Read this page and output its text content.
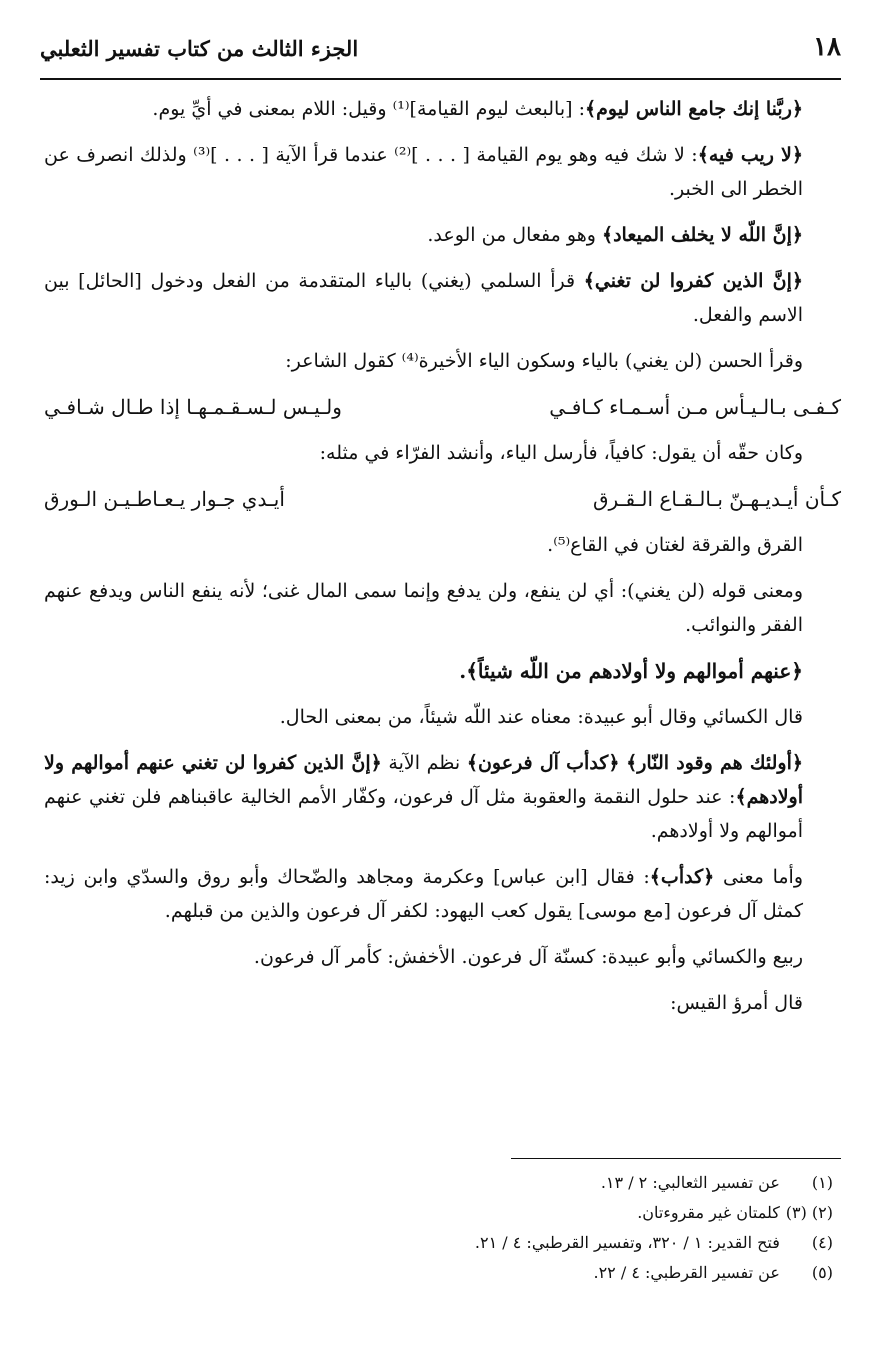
١٨
الجزء الثالث من كتاب تفسير الثعلبي

﴿ربَّنا إنك جامع الناس ليوم﴾: [بالبعث ليوم القيامة]⁽¹⁾ وقيل: اللام بمعنى في أيِّ يوم.

﴿لا ريب فيه﴾: لا شك فيه وهو يوم القيامة [ . . . ]⁽²⁾ عندما قرأ الآية [ . . . ]⁽³⁾ ولذلك انصرف عن الخطر الى الخبر.

﴿إنَّ اللّه لا يخلف الميعاد﴾ وهو مفعال من الوعد.

﴿إنَّ الذين كفروا لن تغني﴾ قرأ السلمي (يغني) بالياء المتقدمة من الفعل ودخول [الحائل] بين الاسم والفعل.

وقرأ الحسن (لن يغني) بالياء وسكون الياء الأخيرة⁽⁴⁾ كقول الشاعر:

كـفـى بـالـيـأس مـن أسـمـاء كـافـي
ولـيـس لـسـقـمـهـا إذا طـال شـافـي

وكان حقّه أن يقول: كافياً، فأرسل الياء، وأنشد الفرّاء في مثله:

كـأن أيـديـهـنّ بـالـقـاع الـقـرق
أيـدي جـوار يـعـاطـيـن الـورق

القرق والقرقة لغتان في القاع⁽⁵⁾.

ومعنى قوله (لن يغني): أي لن ينفع، ولن يدفع وإنما سمى المال غنى؛ لأنه ينفع الناس ويدفع عنهم الفقر والنوائب.

﴿عنهم أموالهم ولا أولادهم من اللّه شيئاً﴾.

قال الكسائي وقال أبو عبيدة: معناه عند اللّه شيئاً، من بمعنى الحال.

﴿أولئك هم وقود النّار﴾ ﴿كدأب آل فرعون﴾ نظم الآية ﴿إنَّ الذين كفروا لن تغني عنهم أموالهم ولا أولادهم﴾: عند حلول النقمة والعقوبة مثل آل فرعون، وكفّار الأمم الخالية عاقبناهم فلن تغني عنهم أموالهم ولا أولادهم.

وأما معنى ﴿كدأب﴾: فقال [ابن عباس] وعكرمة ومجاهد والضّحاك وأبو روق والسدّي وابن زيد: كمثل آل فرعون [مع موسى] يقول كعب اليهود: لكفر آل فرعون والذين من قبلهم.

ربيع والكسائي وأبو عبيدة: كسنّة آل فرعون. الأخفش: كأمر آل فرعون.

قال أمرؤ القيس:

(١) عن تفسير الثعالبي: ٢ / ١٣.
(٢) (٣) كلمتان غير مقروءتان.
(٤) فتح القدير: ١ / ٣٢٠، وتفسير القرطبي: ٤ / ٢١.
(٥) عن تفسير القرطبي: ٤ / ٢٢.
